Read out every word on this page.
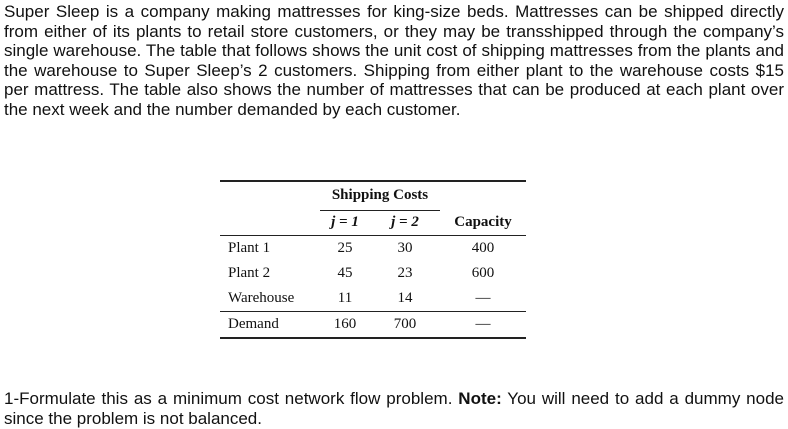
Super Sleep is a company making mattresses for king-size beds. Mattresses can be shipped directly from either of its plants to retail store customers, or they may be transshipped through the company’s single warehouse. The table that follows shows the unit cost of shipping mattresses from the plants and the warehouse to Super Sleep’s 2 customers. Shipping from either plant to the warehouse costs $15 per mattress. The table also shows the number of mattresses that can be produced at each plant over the next week and the number demanded by each customer.

	Shipping Costs		
	j = 1	j = 2	Capacity
Plant 1	25	30	400
Plant 2	45	23	600
Warehouse	11	14	—
Demand	160	700	—

1-Formulate this as a minimum cost network flow problem. Note: You will need to add a dummy node since the problem is not balanced.
